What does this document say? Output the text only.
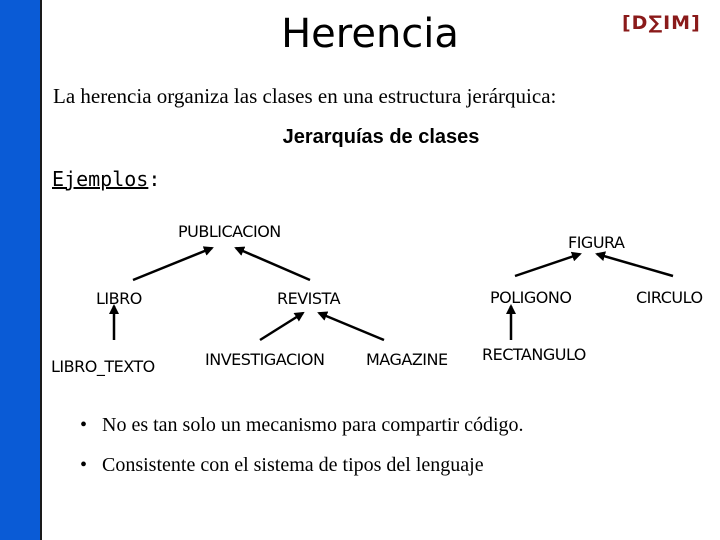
Herencia	[D∑IM]
La herencia organiza las clases en una estructura jerárquica:
Jerarquías de clases
Ejemplos:
PUBLICACION
LIBRO	REVISTA
LIBRO_TEXTO	INVESTIGACION	MAGAZINE
FIGURA
POLIGONO	CIRCULO
RECTANGULO
• No es tan solo un mecanismo para compartir código.
• Consistente con el sistema de tipos del lenguaje
